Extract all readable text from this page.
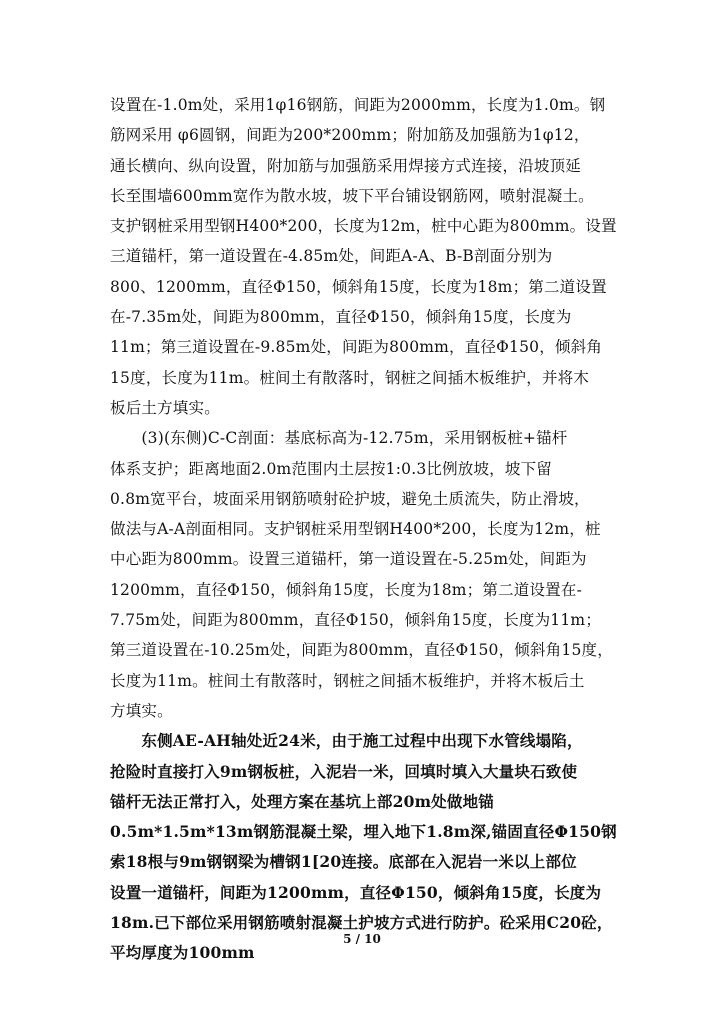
设置在-1.0m处，采用1φ16钢筋，间距为2000mm，长度为1.0m。钢
筋网采用 φ6圆钢，间距为200*200mm；附加筋及加强筋为1φ12，
通长横向、纵向设置，附加筋与加强筋采用焊接方式连接，沿坡顶延
长至围墙600mm宽作为散水坡，坡下平台铺设钢筋网，喷射混凝土。
支护钢桩采用型钢H400*200，长度为12m，桩中心距为800mm。设置
三道锚杆，第一道设置在-4.85m处，间距A-A、B-B剖面分别为
800、1200mm，直径Φ150，倾斜角15度，长度为18m；第二道设置
在-7.35m处，间距为800mm，直径Φ150，倾斜角15度，长度为
11m；第三道设置在-9.85m处，间距为800mm，直径Φ150，倾斜角
15度，长度为11m。桩间土有散落时，钢桩之间插木板维护，并将木
板后土方填实。

　　(3)(东侧)C-C剖面：基底标高为-12.75m，采用钢板桩+锚杆
体系支护；距离地面2.0m范围内土层按1:0.3比例放坡，坡下留
0.8m宽平台，坡面采用钢筋喷射砼护坡，避免土质流失，防止滑坡，
做法与A-A剖面相同。支护钢桩采用型钢H400*200，长度为12m，桩
中心距为800mm。设置三道锚杆，第一道设置在-5.25m处，间距为
1200mm，直径Φ150，倾斜角15度，长度为18m；第二道设置在-
7.75m处，间距为800mm，直径Φ150，倾斜角15度，长度为11m；
第三道设置在-10.25m处，间距为800mm，直径Φ150，倾斜角15度，
长度为11m。桩间土有散落时，钢桩之间插木板维护，并将木板后土
方填实。

　　东侧AE-AH轴处近24米，由于施工过程中出现下水管线塌陷，
抢险时直接打入9m钢板桩，入泥岩一米，回填时填入大量块石致使
锚杆无法正常打入，处理方案在基坑上部20m处做地锚
0.5m*1.5m*13m钢筋混凝土梁，埋入地下1.8m深,锚固直径Φ150钢
索18根与9m钢钢梁为槽钢1[20连接。底部在入泥岩一米以上部位
设置一道锚杆，间距为1200mm，直径Φ150，倾斜角15度，长度为
18m.已下部位采用钢筋喷射混凝土护坡方式进行防护。砼采用C20砼，
平均厚度为100mm

5 / 10
